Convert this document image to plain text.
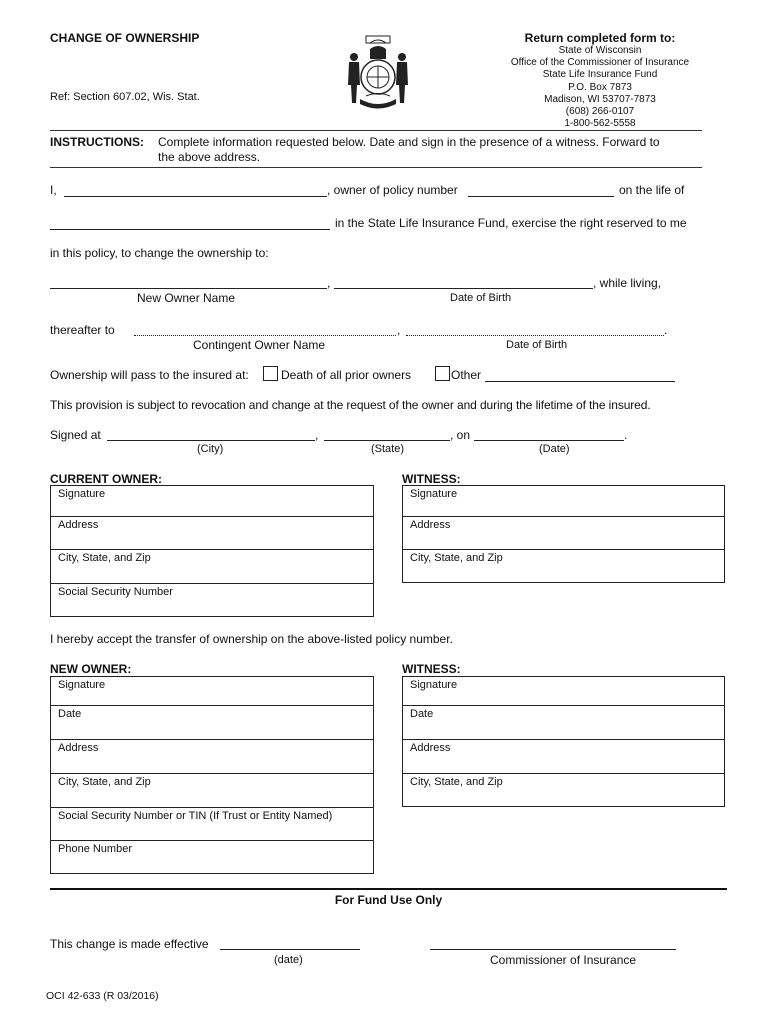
CHANGE OF OWNERSHIP
Ref: Section 607.02, Wis. Stat.
Return completed form to:
State of Wisconsin
Office of the Commissioner of Insurance
State Life Insurance Fund
P.O. Box 7873
Madison, WI 53707-7873
(608) 266-0107
1-800-562-5558
INSTRUCTIONS: Complete information requested below. Date and sign in the presence of a witness. Forward to
the above address.
I,	, owner of policy number	on the life of
in the State Life Insurance Fund, exercise the right reserved to me
in this policy, to change the ownership to:
,	, while living,
New Owner Name	Date of Birth
thereafter to	,	.
Contingent Owner Name	Date of Birth
Ownership will pass to the insured at:	Death of all prior owners	Other
This provision is subject to revocation and change at the request of the owner and during the lifetime of the insured.
Signed at	,	, on	.
(City)	(State)	(Date)
CURRENT OWNER:
Signature
Address
City, State, and Zip
Social Security Number
WITNESS:
Signature
Address
City, State, and Zip
I hereby accept the transfer of ownership on the above-listed policy number.
NEW OWNER:
Signature
Date
Address
City, State, and Zip
Social Security Number or TIN (If Trust or Entity Named)
Phone Number
WITNESS:
Signature
Date
Address
City, State, and Zip
For Fund Use Only
This change is made effective
(date)	Commissioner of Insurance
OCI 42-633 (R 03/2016)
